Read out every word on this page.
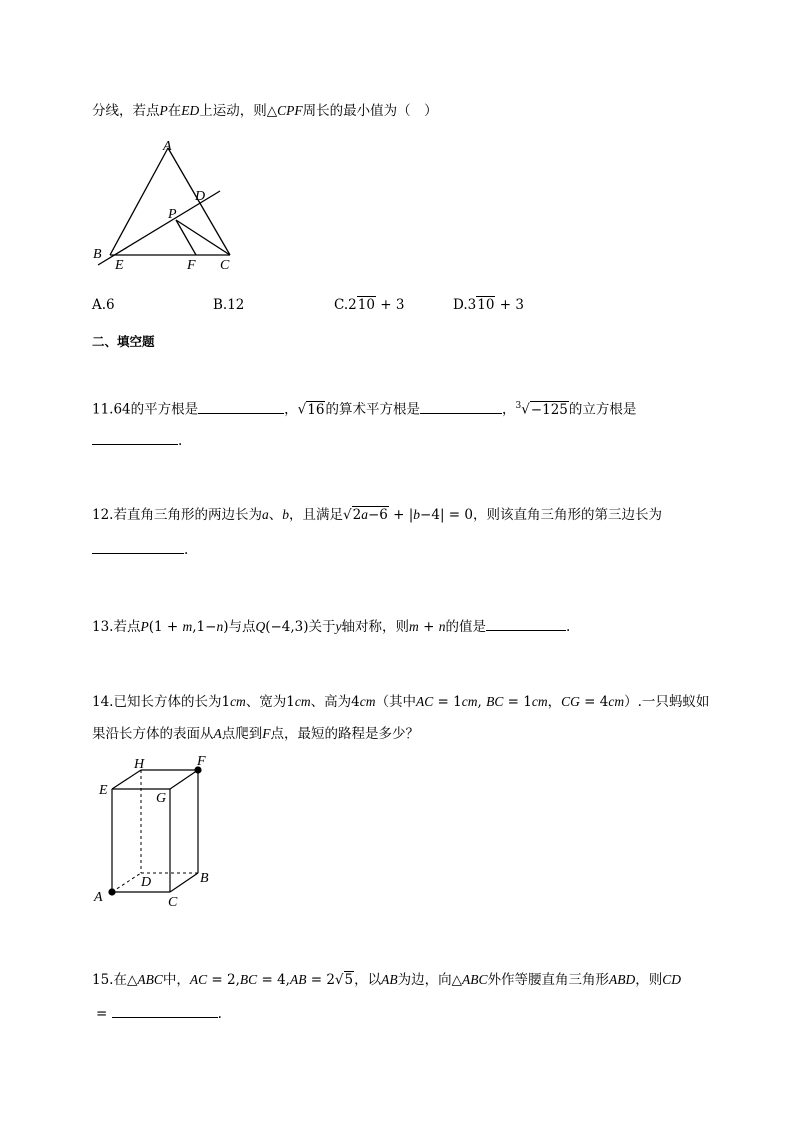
分线，若点P在ED上运动，则△CPF周长的最小值为（　）
A
D
P
B
E	F C
A.6	B.12	C.210 + 3	D.310 + 3
二、填空题
11.64的平方根是	，√16的算术平方根是	，$^3$√−125的立方根是
.
12.若直角三角形的两边长为a、b，且满足√2a−6 + |b−4| = 0，则该直角三角形的第三边长为
.
13.若点P(1 + m,1−n)与点Q(−4,3)关于y轴对称，则m + n的值是	.
14.已知长方体的长为1cm、宽为1cm、高为4cm（其中AC = 1cm, BC = 1cm，CG = 4cm）.一只蚂蚁如
果沿长方体的表面从A点爬到F点，最短的路程是多少？
H	F
E
G
D	B
A	C
15.在△ABC中，AC = 2,BC = 4,AB = 2√5，以AB为边，向△ABC外作等腰直角三角形ABD，则CD
=	.
